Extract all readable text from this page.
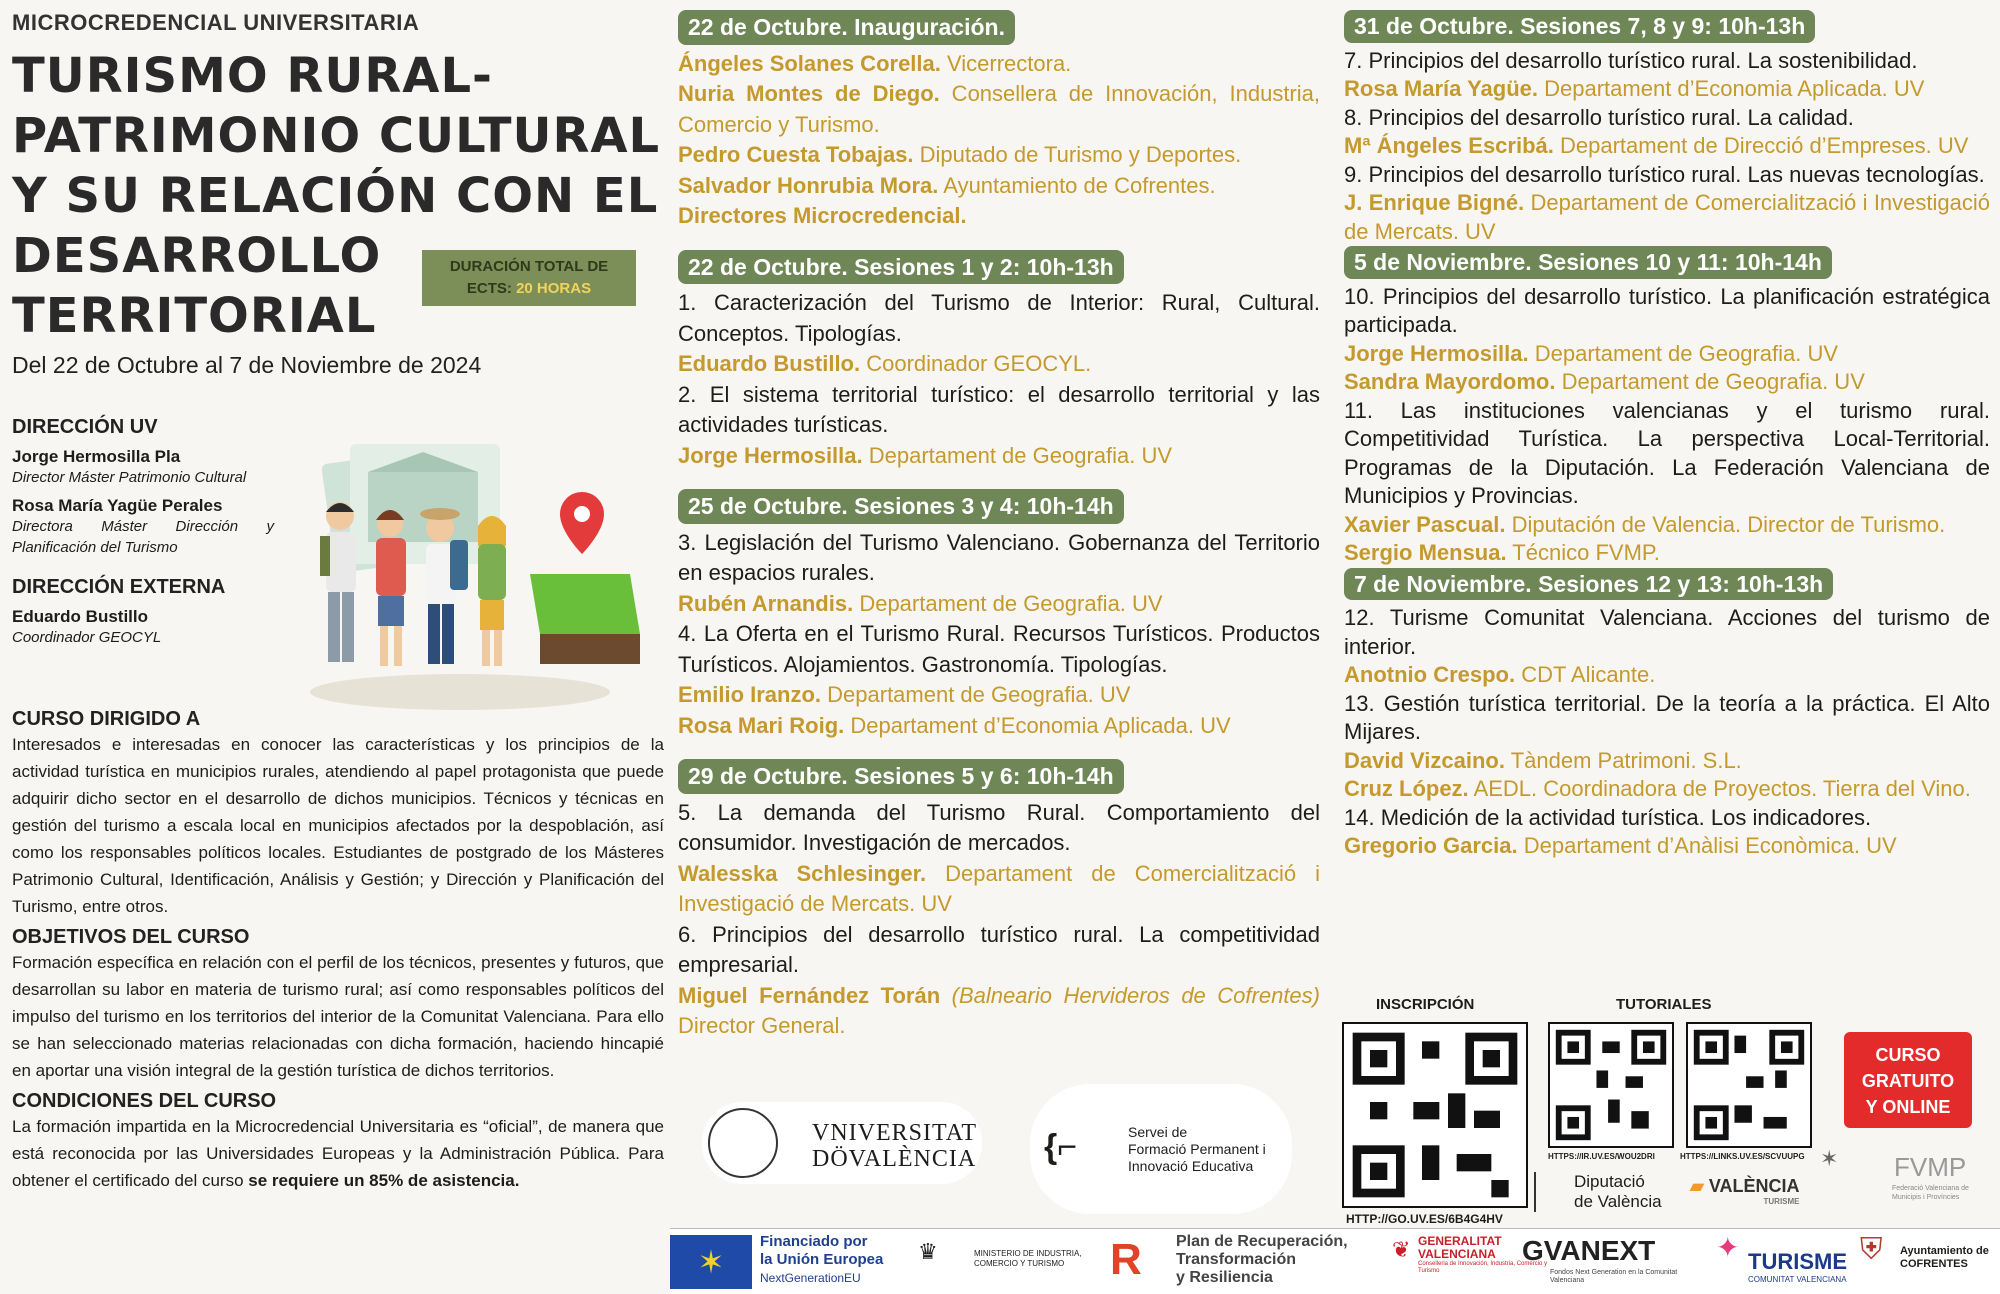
MICROCREDENCIAL UNIVERSITARIA
TURISMO RURAL-
PATRIMONIO CULTURAL
Y SU RELACIÓN CON EL
DESARROLLO
TERRITORIAL
Del 22 de Octubre al 7 de Noviembre de 2024
DURACIÓN TOTAL DE
ECTS: 20 HORAS
DIRECCIÓN UV
Jorge Hermosilla Pla
Director Máster Patrimonio Cultural
Rosa María Yagüe Perales
Directora Máster Dirección y Planificación del Turismo
DIRECCIÓN EXTERNA
Eduardo Bustillo
Coordinador GEOCYL
CURSO DIRIGIDO A
Interesados e interesadas en conocer las características y los principios de la actividad turística en municipios rurales, atendiendo al papel protagonista que puede adquirir dicho sector en el desarrollo de dichos municipios. Técnicos y técnicas en gestión del turismo a escala local en municipios afectados por la despoblación, así como los responsables políticos locales. Estudiantes de postgrado de los Másteres Patrimonio Cultural, Identificación, Análisis y Gestión; y Dirección y Planificación del Turismo, entre otros.
OBJETIVOS DEL CURSO
Formación específica en relación con el perfil de los técnicos, presentes y futuros, que desarrollan su labor en materia de turismo rural; así como responsables políticos del impulso del turismo en los territorios del interior de la Comunitat Valenciana. Para ello se han seleccionado materias relacionadas con dicha formación, haciendo hincapié en aportar una visión integral de la gestión turística de dichos territorios.
CONDICIONES DEL CURSO
La formación impartida en la Microcredencial Universitaria es “oficial”, de manera que está reconocida por las Universidades Europeas y la Administración Pública. Para obtener el certificado del curso se requiere un 85% de asistencia.
22 de Octubre. Inauguración.
Ángeles Solanes Corella. Vicerrectora.
Nuria Montes de Diego. Consellera de Innovación, Industria, Comercio y Turismo.
Pedro Cuesta Tobajas. Diputado de Turismo y Deportes.
Salvador Honrubia Mora. Ayuntamiento de Cofrentes.
Directores Microcredencial.
22 de Octubre. Sesiones 1 y 2: 10h-13h
1. Caracterización del Turismo de Interior: Rural, Cultural. Conceptos. Tipologías.
Eduardo Bustillo. Coordinador GEOCYL.
2. El sistema territorial turístico: el desarrollo territorial y las actividades turísticas.
Jorge Hermosilla. Departament de Geografia. UV
25 de Octubre. Sesiones 3 y 4: 10h-14h
3. Legislación del Turismo Valenciano. Gobernanza del Territorio en espacios rurales.
Rubén Arnandis. Departament de Geografia. UV
4. La Oferta en el Turismo Rural. Recursos Turísticos. Productos Turísticos. Alojamientos. Gastronomía. Tipologías.
Emilio Iranzo. Departament de Geografia. UV
Rosa Mari Roig. Departament d’Economia Aplicada. UV
29 de Octubre. Sesiones 5 y 6: 10h-14h
5. La demanda del Turismo Rural. Comportamiento del consumidor. Investigación de mercados.
Walesska Schlesinger. Departament de Comercialització i Investigació de Mercats. UV
6. Principios del desarrollo turístico rural. La competitividad empresarial.
Miguel Fernández Torán (Balneario Hervideros de Cofrentes) Director General.
31 de Octubre. Sesiones 7, 8 y 9: 10h-13h
7. Principios del desarrollo turístico rural. La sostenibilidad.
Rosa María Yagüe. Departament d’Economia Aplicada. UV
8. Principios del desarrollo turístico rural. La calidad.
Mª Ángeles Escribá. Departament de Direcció d’Empreses. UV
9. Principios del desarrollo turístico rural. Las nuevas tecnologías.
J. Enrique Bigné. Departament de Comercialització i Investigació de Mercats. UV
5 de Noviembre. Sesiones 10 y 11: 10h-14h
10. Principios del desarrollo turístico. La planificación estratégica participada.
Jorge Hermosilla. Departament de Geografia. UV
Sandra Mayordomo. Departament de Geografia. UV
11. Las instituciones valencianas y el turismo rural. Competitividad Turística. La perspectiva Local-Territorial. Programas de la Diputación. La Federación Valenciana de Municipios y Provincias.
Xavier Pascual. Diputación de Valencia. Director de Turismo.
Sergio Mensua. Técnico FVMP.
7 de Noviembre. Sesiones 12 y 13: 10h-13h
12. Turisme Comunitat Valenciana. Acciones del turismo de interior.
Anotnio Crespo. CDT Alicante.
13. Gestión turística territorial. De la teoría a la práctica. El Alto Mijares.
David Vizcaino. Tàndem Patrimoni. S.L.
Cruz López. AEDL. Coordinadora de Proyectos. Tierra del Vino.
14. Medición de la actividad turística. Los indicadores.
Gregorio Garcia. Departament d’Anàlisi Econòmica. UV
INSCRIPCIÓN	TUTORIALES
HTTP://GO.UV.ES/6B4G4HV
HTTPS://IR.UV.ES/WOU2DRI	HTTPS://LINKS.UV.ES/SCVUUPG
CURSO
GRATUITO
Y ONLINE
VNIVERSITAT
DÖVALÈNCIA {⌐	Servei de
Formació Permanent i
Innovació Educativa
Diputació
de València
▰ VALÈNCIA
TURISME
✶ FVMP
Federació Valenciana de Municipis i Províncies
✶
Financiado por
la Unión Europea
NextGenerationEU
♛	MINISTERIO DE INDUSTRIA, COMERCIO Y TURISMO	R Plan de Recuperación,
Transformación
y Resiliencia
❦ GENERALITAT
VALENCIANA
Conselleria de Innovación, Industria, Comercio y Turismo
GVANEXT
Fondos Next Generation en la Comunitat Valenciana
✦ TURISME
COMUNITAT VALENCIANA
⛨ Ayuntamiento de
COFRENTES
